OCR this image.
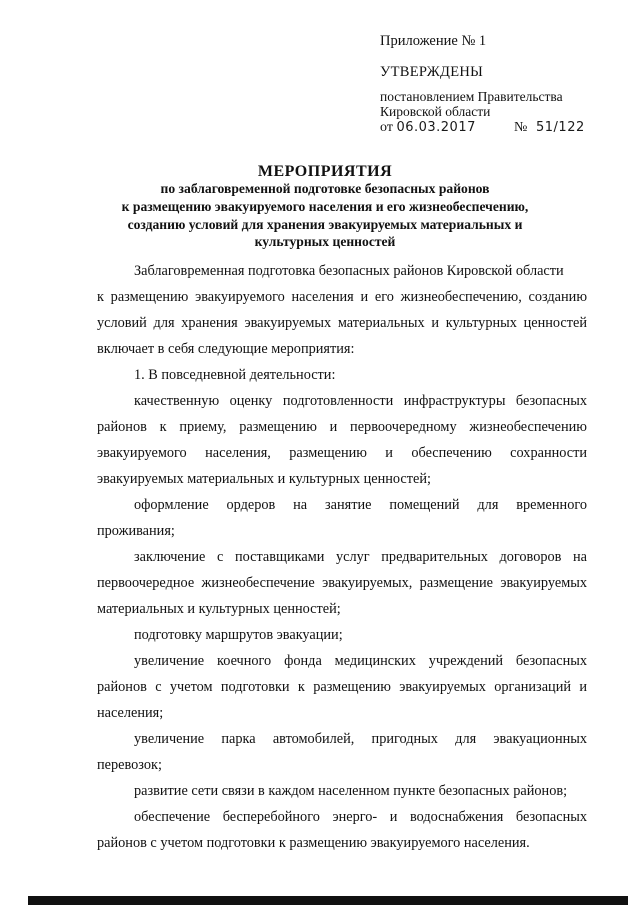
Приложение № 1
УТВЕРЖДЕНЫ
постановлением Правительства
Кировской области
от 06.03.2017	№ 51/122
МЕРОПРИЯТИЯ
по заблаговременной подготовке безопасных районов
к размещению эвакуируемого населения и его жизнеобеспечению,
созданию условий для хранения эвакуируемых материальных и
культурных ценностей
Заблаговременная подготовка безопасных районов Кировской области
к размещению эвакуируемого населения и его жизнеобеспечению, созданию
условий для хранения эвакуируемых материальных и культурных ценностей
включает в себя следующие мероприятия:
1. В повседневной деятельности:
качественную оценку подготовленности инфраструктуры безопасных
районов к приему, размещению и первоочередному жизнеобеспечению
эвакуируемого населения, размещению и обеспечению сохранности
эвакуируемых материальных и культурных ценностей;
оформление ордеров на занятие помещений для временного
проживания;
заключение с поставщиками услуг предварительных договоров на
первоочередное жизнеобеспечение эвакуируемых, размещение эвакуируемых
материальных и культурных ценностей;
подготовку маршрутов эвакуации;
увеличение коечного фонда медицинских учреждений безопасных
районов с учетом подготовки к размещению эвакуируемых организаций и
населения;
увеличение парка автомобилей, пригодных для эвакуационных
перевозок;
развитие сети связи в каждом населенном пункте безопасных районов;
обеспечение бесперебойного энерго- и водоснабжения безопасных
районов с учетом подготовки к размещению эвакуируемого населения.
